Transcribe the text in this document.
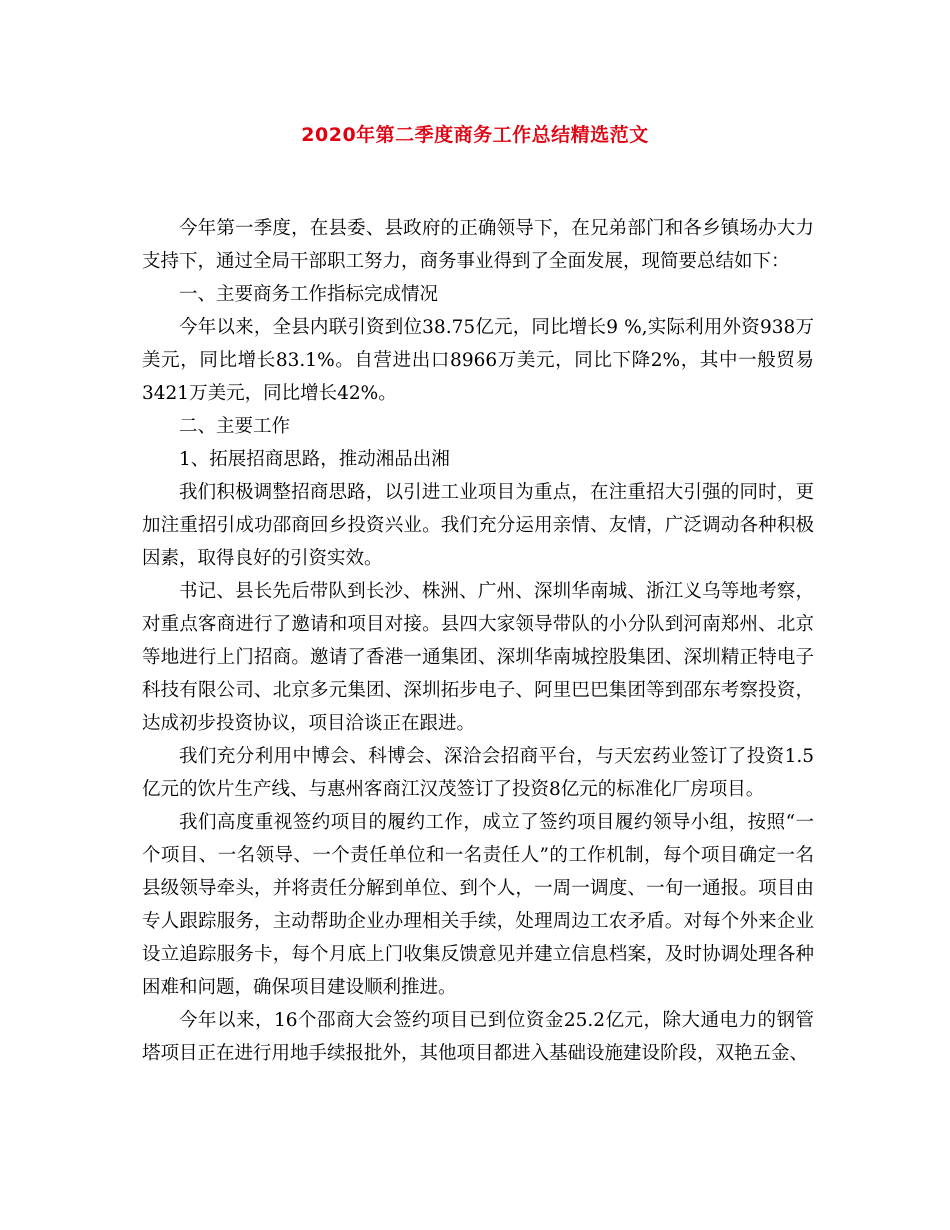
2020年第二季度商务工作总结精选范文

今年第一季度，在县委、县政府的正确领导下，在兄弟部门和各乡镇场办大力支持下，通过全局干部职工努力，商务事业得到了全面发展，现简要总结如下：

一、主要商务工作指标完成情况

今年以来，全县内联引资到位38.75亿元，同比增长9 %,实际利用外资938万美元，同比增长83.1%。自营进出口8966万美元，同比下降2%，其中一般贸易3421万美元，同比增长42%。

二、主要工作

1、拓展招商思路，推动湘品出湘

我们积极调整招商思路，以引进工业项目为重点，在注重招大引强的同时，更加注重招引成功邵商回乡投资兴业。我们充分运用亲情、友情，广泛调动各种积极因素，取得良好的引资实效。

书记、县长先后带队到长沙、株洲、广州、深圳华南城、浙江义乌等地考察，对重点客商进行了邀请和项目对接。县四大家领导带队的小分队到河南郑州、北京等地进行上门招商。邀请了香港一通集团、深圳华南城控股集团、深圳精正特电子科技有限公司、北京多元集团、深圳拓步电子、阿里巴巴集团等到邵东考察投资，达成初步投资协议，项目洽谈正在跟进。

我们充分利用中博会、科博会、深洽会招商平台，与天宏药业签订了投资1.5亿元的饮片生产线、与惠州客商江汉茂签订了投资8亿元的标准化厂房项目。

我们高度重视签约项目的履约工作，成立了签约项目履约领导小组，按照“一个项目、一名领导、一个责任单位和一名责任人”的工作机制，每个项目确定一名县级领导牵头，并将责任分解到单位、到个人，一周一调度、一旬一通报。项目由专人跟踪服务，主动帮助企业办理相关手续，处理周边工农矛盾。对每个外来企业设立追踪服务卡，每个月底上门收集反馈意见并建立信息档案，及时协调处理各种困难和问题，确保项目建设顺利推进。

今年以来，16个邵商大会签约项目已到位资金25.2亿元，除大通电力的钢管塔项目正在进行用地手续报批外，其他项目都进入基础设施建设阶段，双艳五金、
